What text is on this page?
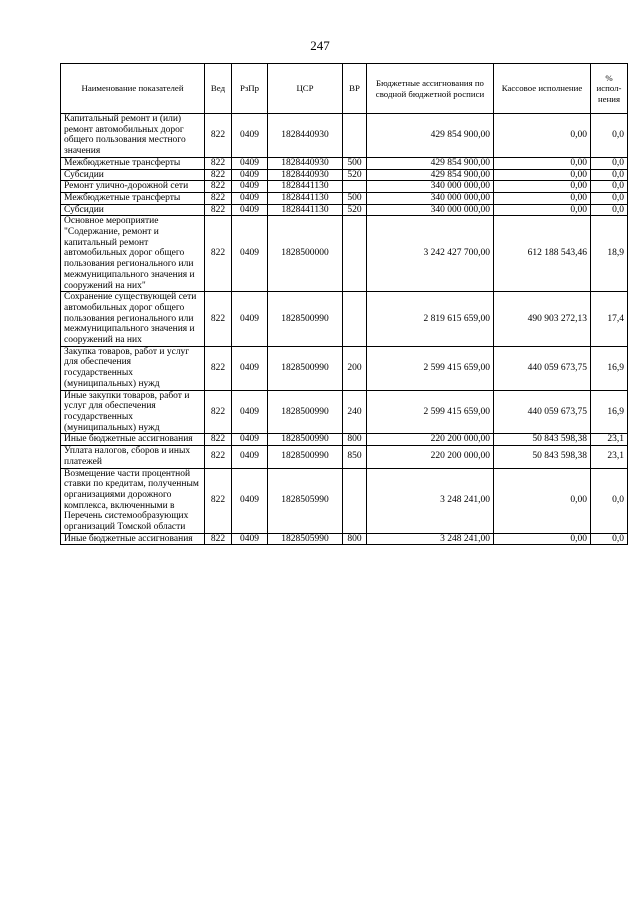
247
Наименование показателей	Вед	РзПр	ЦСР	ВР	Бюджетные ассигнования по сводной бюджетной росписи	Кассовое исполнение	% испол-нения
Капитальный ремонт и (или) ремонт автомобильных дорог общего пользования местного значения	822	0409	1828440930		429 854 900,00	0,00	0,0
Межбюджетные трансферты	822	0409	1828440930	500	429 854 900,00	0,00	0,0
Субсидии	822	0409	1828440930	520	429 854 900,00	0,00	0,0
Ремонт улично-дорожной сети	822	0409	1828441130		340 000 000,00	0,00	0,0
Межбюджетные трансферты	822	0409	1828441130	500	340 000 000,00	0,00	0,0
Субсидии	822	0409	1828441130	520	340 000 000,00	0,00	0,0
Основное мероприятие "Содержание, ремонт и капитальный ремонт автомобильных дорог общего пользования регионального или межмуниципального значения и сооружений на них"	822	0409	1828500000		3 242 427 700,00	612 188 543,46	18,9
Сохранение существующей сети автомобильных дорог общего пользования регионального или межмуниципального значения и сооружений на них	822	0409	1828500990		2 819 615 659,00	490 903 272,13	17,4
Закупка товаров, работ и услуг для обеспечения государственных (муниципальных) нужд	822	0409	1828500990	200	2 599 415 659,00	440 059 673,75	16,9
Иные закупки товаров, работ и услуг для обеспечения государственных (муниципальных) нужд	822	0409	1828500990	240	2 599 415 659,00	440 059 673,75	16,9
Иные бюджетные ассигнования	822	0409	1828500990	800	220 200 000,00	50 843 598,38	23,1
Уплата налогов, сборов и иных платежей	822	0409	1828500990	850	220 200 000,00	50 843 598,38	23,1
Возмещение части процентной ставки по кредитам, полученным организациями дорожного комплекса, включенными в Перечень системообразующих организаций Томской области	822	0409	1828505990		3 248 241,00	0,00	0,0
Иные бюджетные ассигнования	822	0409	1828505990	800	3 248 241,00	0,00	0,0
